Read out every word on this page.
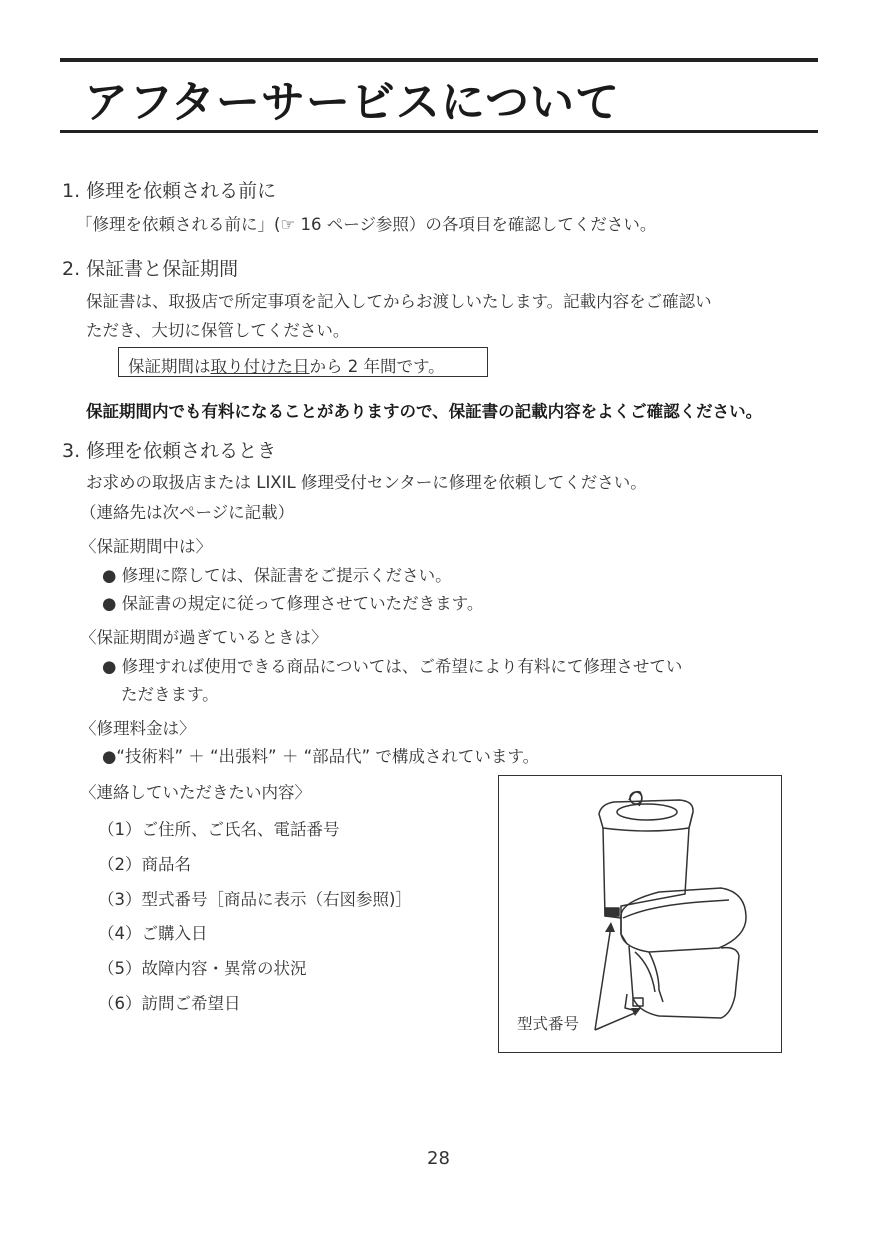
アフターサービスについて
1. 修理を依頼される前に
「修理を依頼される前に」(☞ 16 ページ参照）の各項目を確認してください。
2. 保証書と保証期間
保証書は、取扱店で所定事項を記入してからお渡しいたします。記載内容をご確認い
ただき、大切に保管してください。
保証期間は取り付けた日から 2 年間です。
保証期間内でも有料になることがありますので、保証書の記載内容をよくご確認ください。
3. 修理を依頼されるとき
お求めの取扱店または LIXIL 修理受付センターに修理を依頼してください。
（連絡先は次ページに記載）
〈保証期間中は〉
● 修理に際しては、保証書をご提示ください。
● 保証書の規定に従って修理させていただきます。
〈保証期間が過ぎているときは〉
● 修理すれば使用できる商品については、ご希望により有料にて修理させてい
ただきます。
〈修理料金は〉
●“技術料” ＋ “出張料” ＋ “部品代” で構成されています。
〈連絡していただきたい内容〉
（1）ご住所、ご氏名、電話番号
（2）商品名
（3）型式番号［商品に表示（右図参照)］
（4）ご購入日
（5）故障内容・異常の状況
（6）訪問ご希望日
型式番号
28
